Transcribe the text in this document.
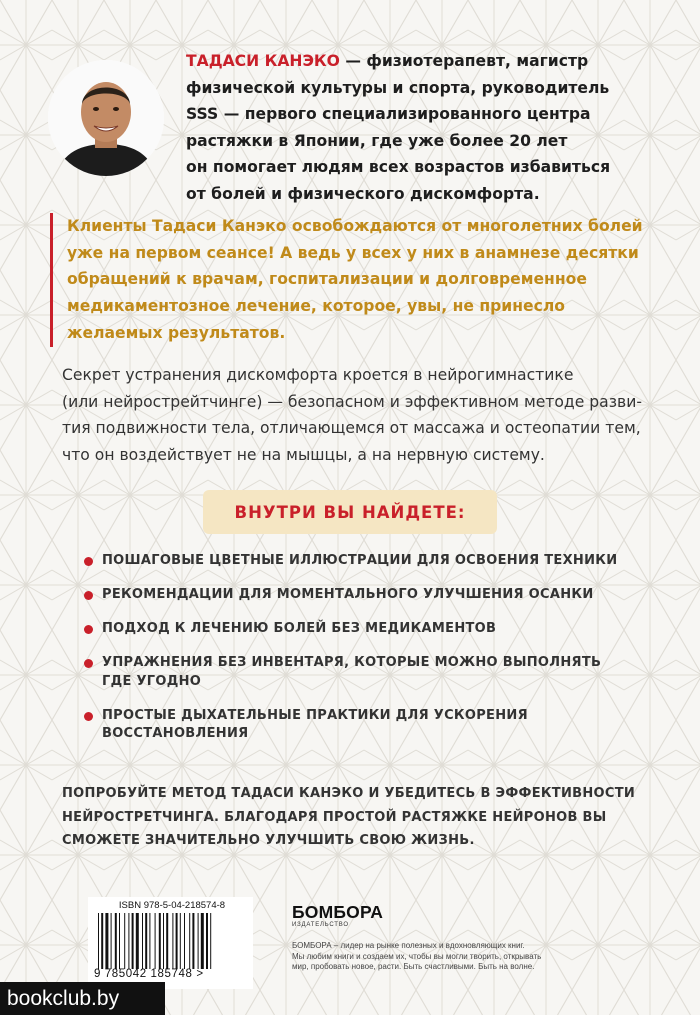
ТАДАСИ КАНЭКО — физиотерапевт, магистр
физической культуры и спорта, руководитель
SSS — первого специализированного центра
растяжки в Японии, где уже более 20 лет
он помогает людям всех возрастов избавиться
от болей и физического дискомфорта.
Клиенты Тадаси Канэко освобождаются от многолетних болей
уже на первом сеансе! А ведь у всех у них в анамнезе десятки
обращений к врачам, госпитализации и долговременное
медикаментозное лечение, которое, увы, не принесло
желаемых результатов.
Секрет устранения дискомфорта кроется в нейрогимнастике
(или нейрострейтчинге) — безопасном и эффективном методе разви-
тия подвижности тела, отличающемся от массажа и остеопатии тем,
что он воздействует не на мышцы, а на нервную систему.
ВНУТРИ ВЫ НАЙДЕТЕ:
ПОШАГОВЫЕ ЦВЕТНЫЕ ИЛЛЮСТРАЦИИ ДЛЯ ОСВОЕНИЯ ТЕХНИКИ
РЕКОМЕНДАЦИИ ДЛЯ МОМЕНТАЛЬНОГО УЛУЧШЕНИЯ ОСАНКИ
ПОДХОД К ЛЕЧЕНИЮ БОЛЕЙ БЕЗ МЕДИКАМЕНТОВ
УПРАЖНЕНИЯ БЕЗ ИНВЕНТАРЯ, КОТОРЫЕ МОЖНО ВЫПОЛНЯТЬ
ГДЕ УГОДНО
ПРОСТЫЕ ДЫХАТЕЛЬНЫЕ ПРАКТИКИ ДЛЯ УСКОРЕНИЯ
ВОССТАНОВЛЕНИЯ
ПОПРОБУЙТЕ МЕТОД ТАДАСИ КАНЭКО И УБЕДИТЕСЬ В ЭФФЕКТИВНОСТИ
НЕЙРОСТРЕТЧИНГА. БЛАГОДАРЯ ПРОСТОЙ РАСТЯЖКЕ НЕЙРОНОВ ВЫ
СМОЖЕТЕ ЗНАЧИТЕЛЬНО УЛУЧШИТЬ СВОЮ ЖИЗНЬ.
ISBN 978-5-04-218574-8
9 785042 185748 >
БОМБОРА
ИЗДАТЕЛЬСТВО
БОМБОРА – лидер на рынке полезных и вдохновляющих книг.
Мы любим книги и создаем их, чтобы вы могли творить, открывать
мир, пробовать новое, расти. Быть счастливыми. Быть на волне.
bookclub.by
